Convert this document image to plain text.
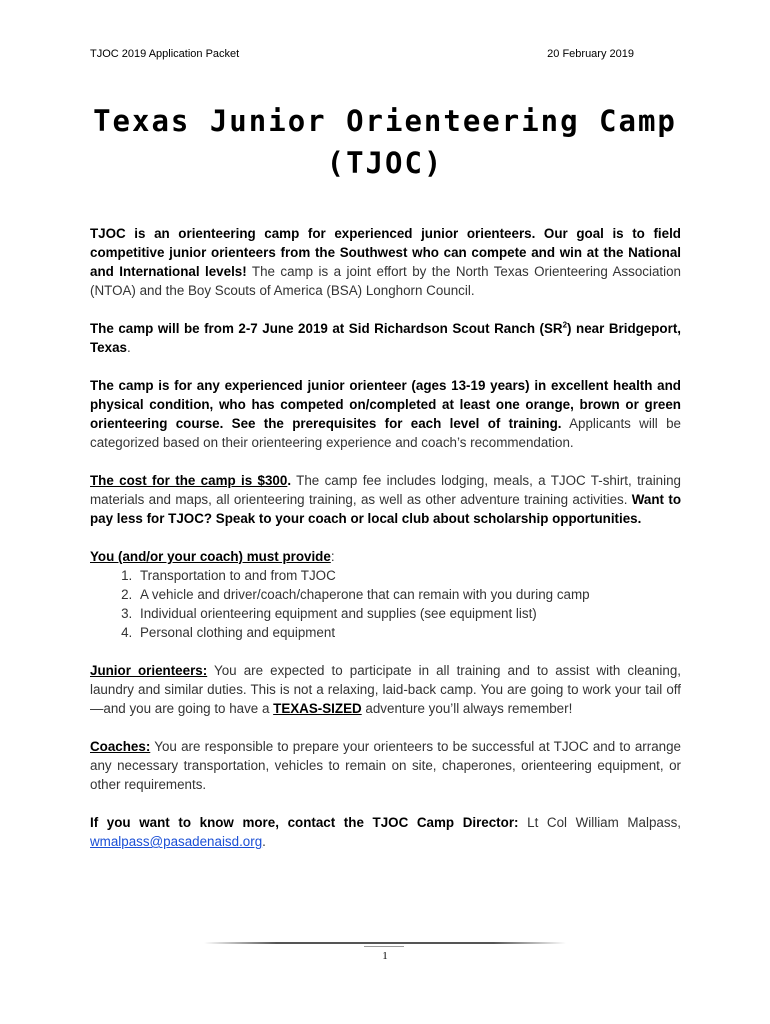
TJOC 2019 Application Packet	20 February 2019
Texas Junior Orienteering Camp
(TJOC)

TJOC is an orienteering camp for experienced junior orienteers. Our goal is to field competitive junior orienteers from the Southwest who can compete and win at the National and International levels! The camp is a joint effort by the North Texas Orienteering Association (NTOA) and the Boy Scouts of America (BSA) Longhorn Council.

The camp will be from 2-7 June 2019 at Sid Richardson Scout Ranch $(SR^2)$ near Bridgeport, Texas.

The camp is for any experienced junior orienteer (ages 13-19 years) in excellent health and physical condition, who has competed on/completed at least one orange, brown or green orienteering course. See the prerequisites for each level of training. Applicants will be categorized based on their orienteering experience and coach’s recommendation.

The cost for the camp is $300. The camp fee includes lodging, meals, a TJOC T-shirt, training materials and maps, all orienteering training, as well as other adventure training activities. Want to pay less for TJOC? Speak to your coach or local club about scholarship opportunities.

You (and/or your coach) must provide:
1. Transportation to and from TJOC
2. A vehicle and driver/coach/chaperone that can remain with you during camp
3. Individual orienteering equipment and supplies (see equipment list)
4. Personal clothing and equipment

Junior orienteers: You are expected to participate in all training and to assist with cleaning, laundry and similar duties. This is not a relaxing, laid-back camp. You are going to work your tail off—and you are going to have a TEXAS-SIZED adventure you’ll always remember!

Coaches: You are responsible to prepare your orienteers to be successful at TJOC and to arrange any necessary transportation, vehicles to remain on site, chaperones, orienteering equipment, or other requirements.

If you want to know more, contact the TJOC Camp Director: Lt Col William Malpass, wmalpass@pasadenaisd.org.

1
